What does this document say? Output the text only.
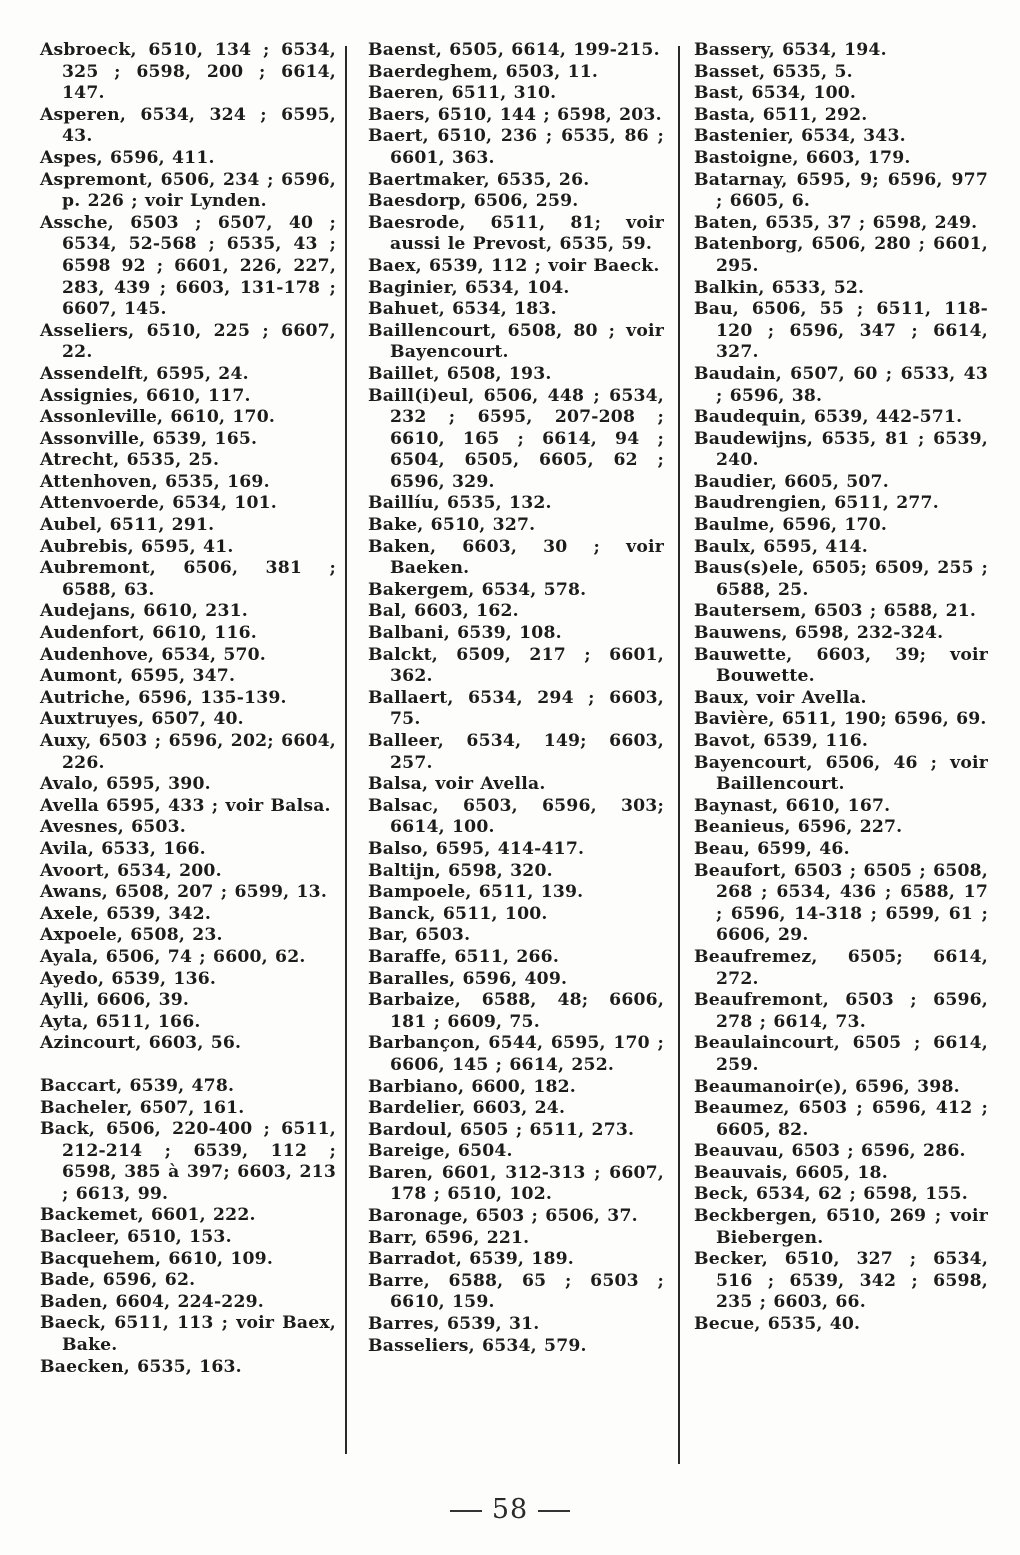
Asbroeck, 6510, 134 ; 6534, 325 ; 6598, 200 ; 6614, 147.
Asperen, 6534, 324 ; 6595, 43.
Aspes, 6596, 411.
Aspremont, 6506, 234 ; 6596, p. 226 ; voir Lynden.
Assche, 6503 ; 6507, 40 ; 6534, 52-568 ; 6535, 43 ; 6598 92 ; 6601, 226, 227, 283, 439 ; 6603, 131-178 ; 6607, 145.
Asseliers, 6510, 225 ; 6607, 22.
Assendelft, 6595, 24.
Assignies, 6610, 117.
Assonleville, 6610, 170.
Assonville, 6539, 165.
Atrecht, 6535, 25.
Attenhoven, 6535, 169.
Attenvoerde, 6534, 101.
Aubel, 6511, 291.
Aubrebis, 6595, 41.
Aubremont, 6506, 381 ; 6588, 63.
Audejans, 6610, 231.
Audenfort, 6610, 116.
Audenhove, 6534, 570.
Aumont, 6595, 347.
Autriche, 6596, 135-139.
Auxtruyes, 6507, 40.
Auxy, 6503 ; 6596, 202; 6604, 226.
Avalo, 6595, 390.
Avella 6595, 433 ; voir Balsa.
Avesnes, 6503.
Avila, 6533, 166.
Avoort, 6534, 200.
Awans, 6508, 207 ; 6599, 13.
Axele, 6539, 342.
Axpoele, 6508, 23.
Ayala, 6506, 74 ; 6600, 62.
Ayedo, 6539, 136.
Aylli, 6606, 39.
Ayta, 6511, 166.
Azincourt, 6603, 56.
Baccart, 6539, 478.
Bacheler, 6507, 161.
Back, 6506, 220-400 ; 6511, 212-214 ; 6539, 112 ; 6598, 385 à 397; 6603, 213 ; 6613, 99.
Backemet, 6601, 222.
Bacleer, 6510, 153.
Bacquehem, 6610, 109.
Bade, 6596, 62.
Baden, 6604, 224-229.
Baeck, 6511, 113 ; voir Baex, Bake.
Baecken, 6535, 163.
Baenst, 6505, 6614, 199-215.
Baerdeghem, 6503, 11.
Baeren, 6511, 310.
Baers, 6510, 144 ; 6598, 203.
Baert, 6510, 236 ; 6535, 86 ; 6601, 363.
Baertmaker, 6535, 26.
Baesdorp, 6506, 259.
Baesrode, 6511, 81; voir aussi le Prevost, 6535, 59.
Baex, 6539, 112 ; voir Baeck.
Baginier, 6534, 104.
Bahuet, 6534, 183.
Baillencourt, 6508, 80 ; voir Bayencourt.
Baillet, 6508, 193.
Baill(i)eul, 6506, 448 ; 6534, 232 ; 6595, 207-208 ; 6610, 165 ; 6614, 94 ; 6504, 6505, 6605, 62 ; 6596, 329.
Baillíu, 6535, 132.
Bake, 6510, 327.
Baken, 6603, 30 ; voir Baeken.
Bakergem, 6534, 578.
Bal, 6603, 162.
Balbani, 6539, 108.
Balckt, 6509, 217 ; 6601, 362.
Ballaert, 6534, 294 ; 6603, 75.
Balleer, 6534, 149; 6603, 257.
Balsa, voir Avella.
Balsac, 6503, 6596, 303; 6614, 100.
Balso, 6595, 414-417.
Baltijn, 6598, 320.
Bampoele, 6511, 139.
Banck, 6511, 100.
Bar, 6503.
Baraffe, 6511, 266.
Baralles, 6596, 409.
Barbaize, 6588, 48; 6606, 181 ; 6609, 75.
Barbançon, 6544, 6595, 170 ; 6606, 145 ; 6614, 252.
Barbiano, 6600, 182.
Bardelier, 6603, 24.
Bardoul, 6505 ; 6511, 273.
Bareige, 6504.
Baren, 6601, 312-313 ; 6607, 178 ; 6510, 102.
Baronage, 6503 ; 6506, 37.
Barr, 6596, 221.
Barradot, 6539, 189.
Barre, 6588, 65 ; 6503 ; 6610, 159.
Barres, 6539, 31.
Basseliers, 6534, 579.
Bassery, 6534, 194.
Basset, 6535, 5.
Bast, 6534, 100.
Basta, 6511, 292.
Bastenier, 6534, 343.
Bastoigne, 6603, 179.
Batarnay, 6595, 9; 6596, 977 ; 6605, 6.
Baten, 6535, 37 ; 6598, 249.
Batenborg, 6506, 280 ; 6601, 295.
Balkin, 6533, 52.
Bau, 6506, 55 ; 6511, 118-120 ; 6596, 347 ; 6614, 327.
Baudain, 6507, 60 ; 6533, 43 ; 6596, 38.
Baudequin, 6539, 442-571.
Baudewijns, 6535, 81 ; 6539, 240.
Baudier, 6605, 507.
Baudrengien, 6511, 277.
Baulme, 6596, 170.
Baulx, 6595, 414.
Baus(s)ele, 6505; 6509, 255 ; 6588, 25.
Bautersem, 6503 ; 6588, 21.
Bauwens, 6598, 232-324.
Bauwette, 6603, 39; voir Bouwette.
Baux, voir Avella.
Bavière, 6511, 190; 6596, 69.
Bavot, 6539, 116.
Bayencourt, 6506, 46 ; voir Baillencourt.
Baynast, 6610, 167.
Beanieus, 6596, 227.
Beau, 6599, 46.
Beaufort, 6503 ; 6505 ; 6508, 268 ; 6534, 436 ; 6588, 17 ; 6596, 14-318 ; 6599, 61 ; 6606, 29.
Beaufremez, 6505; 6614, 272.
Beaufremont, 6503 ; 6596, 278 ; 6614, 73.
Beaulaincourt, 6505 ; 6614, 259.
Beaumanoir(e), 6596, 398.
Beaumez, 6503 ; 6596, 412 ; 6605, 82.
Beauvau, 6503 ; 6596, 286.
Beauvais, 6605, 18.
Beck, 6534, 62 ; 6598, 155.
Beckbergen, 6510, 269 ; voir Biebergen.
Becker, 6510, 327 ; 6534, 516 ; 6539, 342 ; 6598, 235 ; 6603, 66.
Becue, 6535, 40.
58
